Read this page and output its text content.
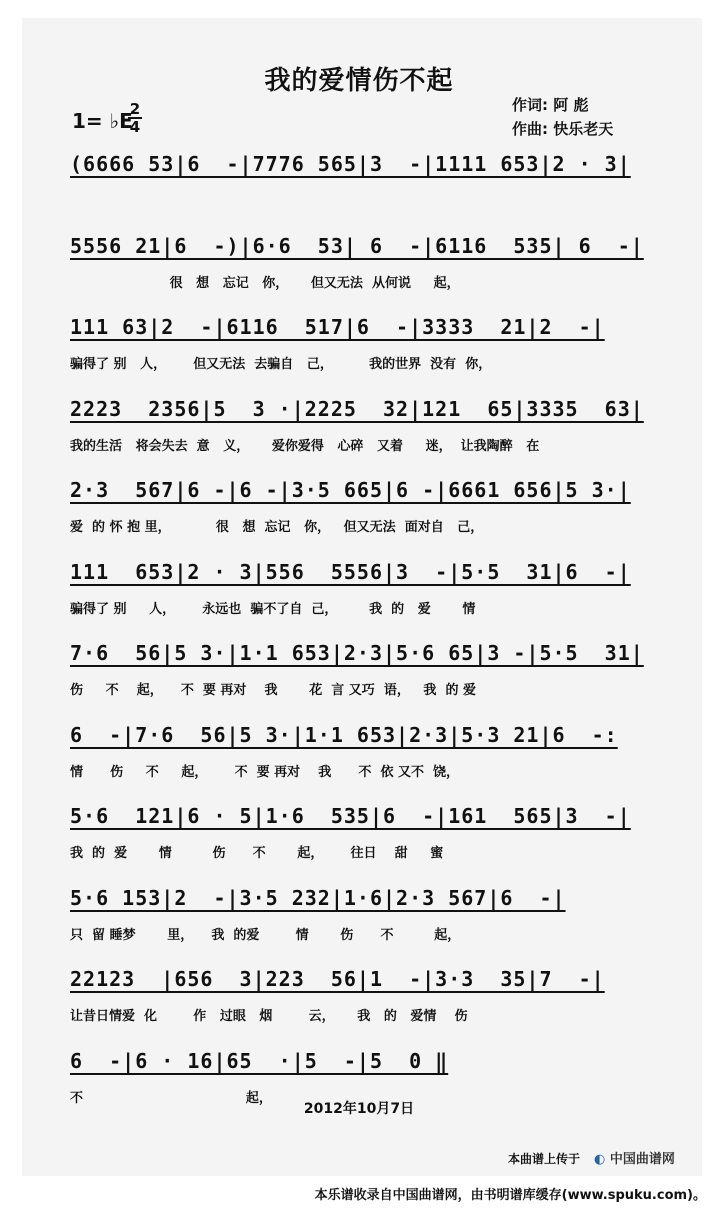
我的爱情伤不起
1= ♭E
2
4
作词: 阿 彪
作曲: 快乐老天
(6666 53|6  -|7776 565|3  -|1111 653|2 · 3|
5556 21|6  -)|6·6  53| 6  -|6116  535| 6  -|
很   想   忘记   你，     但又无法  从何说     起，
111 63|2  -|6116  517|6  -|3333  21|2  -|
骗得了 别   人，      但又无法  去骗自   己，        我的世界  没有  你，
2223  2356|5  3 ·|2225  32|121  65|3335  63|
我的生活   将会失去  意   义，     爱你爱得   心碎   又着     迷，  让我陶醉   在
2·3  567|6 -|6 -|3·5 665|6 -|6661 656|5 3·|
爱  的 怀 抱 里，          很   想  忘记   你，   但又无法  面对自   己，
111  653|2 · 3|556  5556|3  -|5·5  31|6  -|
骗得了 别     人，      永远也  骗不了自  己，       我  的   爱       情
7·6  56|5 3·|1·1 653|2·3|5·6 65|3 -|5·5  31|
伤     不    起，    不  要 再对    我       花  言 又巧  语，   我  的 爱
6  -|7·6  56|5 3·|1·1 653|2·3|5·3 21|6  -:
情      伤     不     起，      不  要 再对    我      不  依 又不  饶，
5·6  121|6 · 5|1·6  535|6  -|161  565|3  -|
我  的  爱       情         伤      不       起，      往日    甜     蜜
5·6 153|2  -|3·5 232|1·6|2·3 567|6  -|
只  留 睡梦       里，    我  的爱        情       伤      不         起，
22123  |656  3|223  56|1  -|3·3  35|7  -|
让昔日情爱  化        作   过眼   烟        云，     我   的   爱情    伤
6  -|6 · 16|65  ·|5  -|5  0 ‖
不                                    起，
2012年10月7日
本曲谱上传于 ◐ 中国曲谱网
本乐谱收录自中国曲谱网，由书明谱库缓存(www.spuku.com)。
